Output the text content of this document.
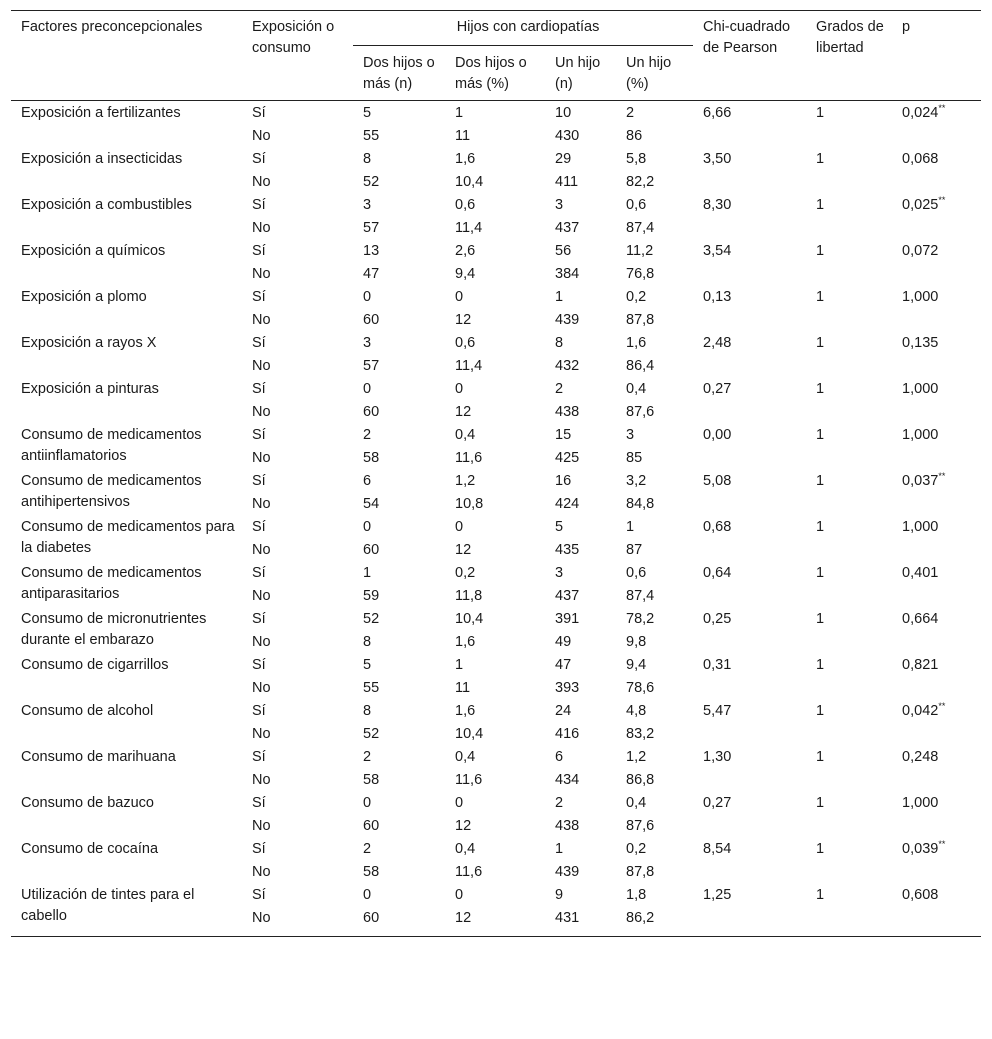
Factores preconcepcionales	Exposición o consumo	Hijos con cardiopatías				Chi-cuadrado de Pearson	Grados de libertad	p
		Dos hijos o más (n)	Dos hijos o más (%)	Un hijo (n)	Un hijo (%)			
Exposición a fertilizantes	Sí	5	1	10	2	6,66	1	0,024**
	No	55	11	430	86			
Exposición a insecticidas	Sí	8	1,6	29	5,8	3,50	1	0,068
	No	52	10,4	411	82,2			
Exposición a combustibles	Sí	3	0,6	3	0,6	8,30	1	0,025**
	No	57	11,4	437	87,4			
Exposición a químicos	Sí	13	2,6	56	11,2	3,54	1	0,072
	No	47	9,4	384	76,8			
Exposición a plomo	Sí	0	0	1	0,2	0,13	1	1,000
	No	60	12	439	87,8			
Exposición a rayos X	Sí	3	0,6	8	1,6	2,48	1	0,135
	No	57	11,4	432	86,4			
Exposición a pinturas	Sí	0	0	2	0,4	0,27	1	1,000
	No	60	12	438	87,6			
Consumo de medicamentos antiinflamatorios	Sí	2	0,4	15	3	0,00	1	1,000
	No	58	11,6	425	85			
Consumo de medicamentos antihipertensivos	Sí	6	1,2	16	3,2	5,08	1	0,037**
	No	54	10,8	424	84,8			
Consumo de medicamentos para la diabetes	Sí	0	0	5	1	0,68	1	1,000
	No	60	12	435	87			
Consumo de medicamentos antiparasitarios	Sí	1	0,2	3	0,6	0,64	1	0,401
	No	59	11,8	437	87,4			
Consumo de micronutrientes durante el embarazo	Sí	52	10,4	391	78,2	0,25	1	0,664
	No	8	1,6	49	9,8			
Consumo de cigarrillos	Sí	5	1	47	9,4	0,31	1	0,821
	No	55	11	393	78,6			
Consumo de alcohol	Sí	8	1,6	24	4,8	5,47	1	0,042**
	No	52	10,4	416	83,2			
Consumo de marihuana	Sí	2	0,4	6	1,2	1,30	1	0,248
	No	58	11,6	434	86,8			
Consumo de bazuco	Sí	0	0	2	0,4	0,27	1	1,000
	No	60	12	438	87,6			
Consumo de cocaína	Sí	2	0,4	1	0,2	8,54	1	0,039**
	No	58	11,6	439	87,8			
Utilización de tintes para el cabello	Sí	0	0	9	1,8	1,25	1	0,608
	No	60	12	431	86,2			
